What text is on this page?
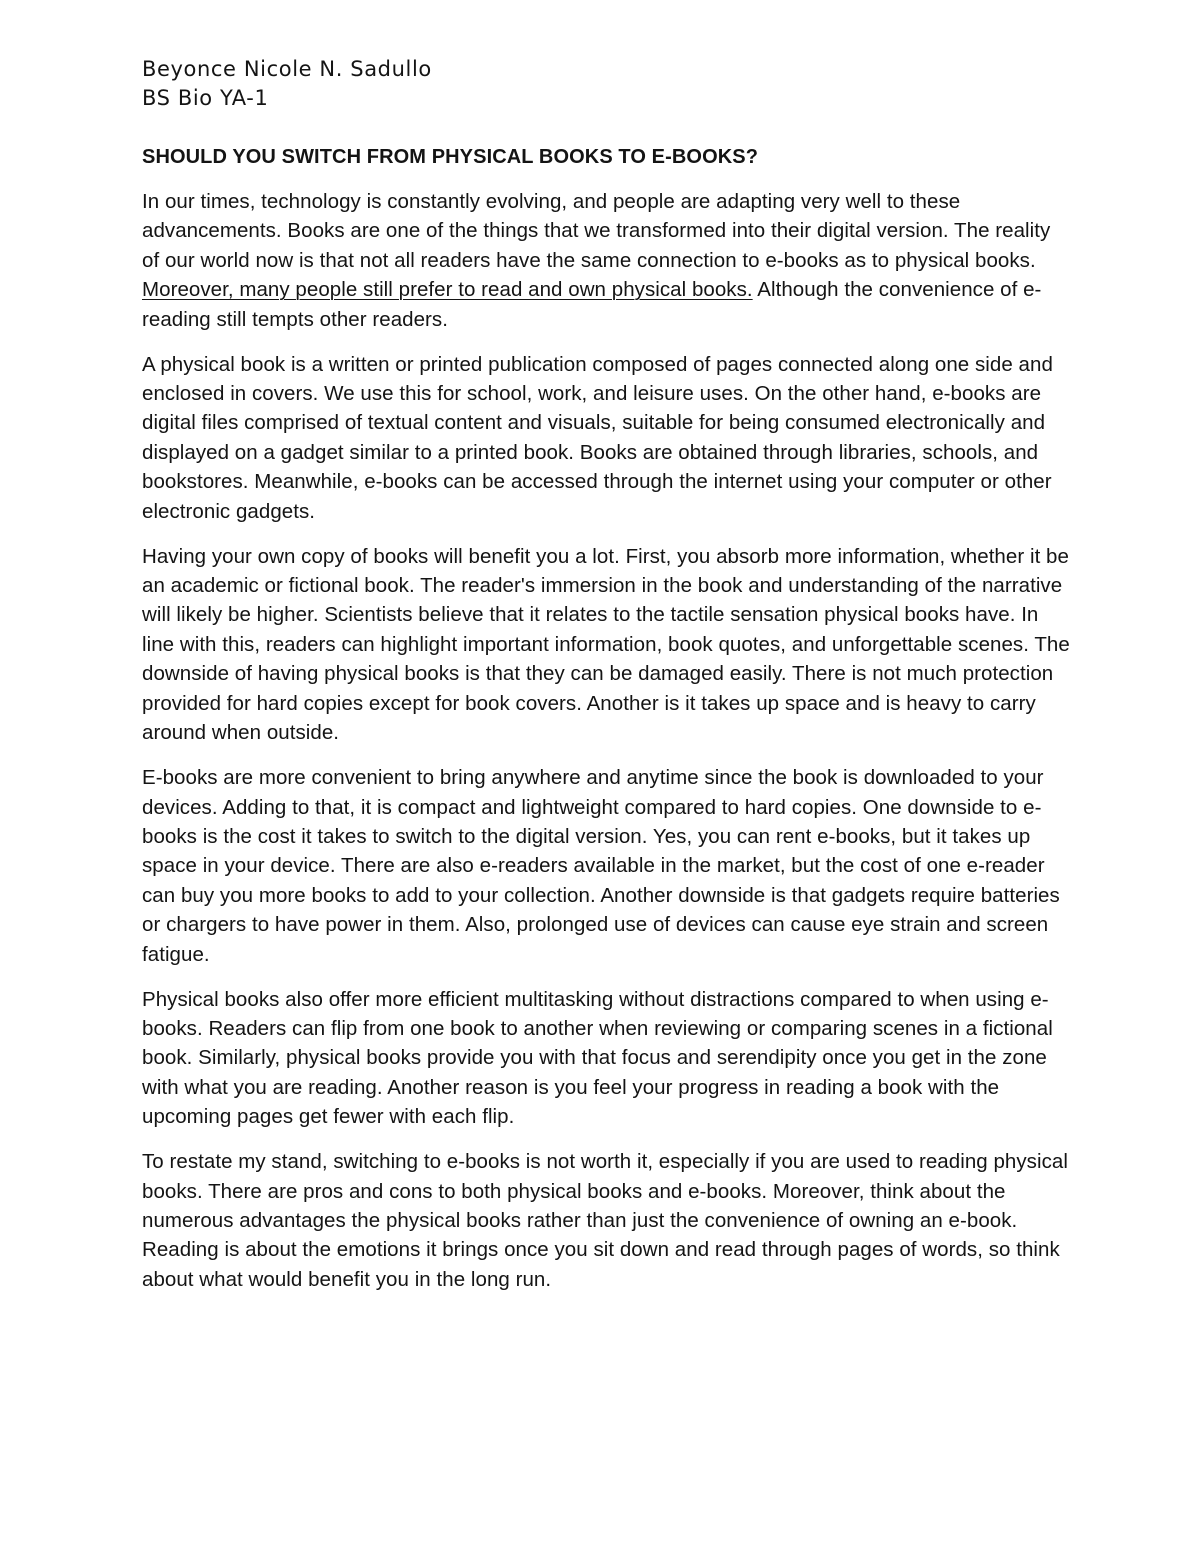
Beyonce Nicole N. Sadullo
BS Bio YA-1
SHOULD YOU SWITCH FROM PHYSICAL BOOKS TO E-BOOKS?

In our times, technology is constantly evolving, and people are adapting very well to these advancements. Books are one of the things that we transformed into their digital version. The reality of our world now is that not all readers have the same connection to e-books as to physical books. Moreover, many people still prefer to read and own physical books. Although the convenience of e-reading still tempts other readers.

A physical book is a written or printed publication composed of pages connected along one side and enclosed in covers. We use this for school, work, and leisure uses. On the other hand, e-books are digital files comprised of textual content and visuals, suitable for being consumed electronically and displayed on a gadget similar to a printed book. Books are obtained through libraries, schools, and bookstores. Meanwhile, e-books can be accessed through the internet using your computer or other electronic gadgets.

Having your own copy of books will benefit you a lot. First, you absorb more information, whether it be an academic or fictional book. The reader's immersion in the book and understanding of the narrative will likely be higher. Scientists believe that it relates to the tactile sensation physical books have. In line with this, readers can highlight important information, book quotes, and unforgettable scenes. The downside of having physical books is that they can be damaged easily. There is not much protection provided for hard copies except for book covers. Another is it takes up space and is heavy to carry around when outside.

E-books are more convenient to bring anywhere and anytime since the book is downloaded to your devices. Adding to that, it is compact and lightweight compared to hard copies. One downside to e-books is the cost it takes to switch to the digital version. Yes, you can rent e-books, but it takes up space in your device. There are also e-readers available in the market, but the cost of one e-reader can buy you more books to add to your collection. Another downside is that gadgets require batteries or chargers to have power in them. Also, prolonged use of devices can cause eye strain and screen fatigue.

Physical books also offer more efficient multitasking without distractions compared to when using e-books. Readers can flip from one book to another when reviewing or comparing scenes in a fictional book. Similarly, physical books provide you with that focus and serendipity once you get in the zone with what you are reading. Another reason is you feel your progress in reading a book with the upcoming pages get fewer with each flip.

To restate my stand, switching to e-books is not worth it, especially if you are used to reading physical books. There are pros and cons to both physical books and e-books. Moreover, think about the numerous advantages the physical books rather than just the convenience of owning an e-book. Reading is about the emotions it brings once you sit down and read through pages of words, so think about what would benefit you in the long run.
